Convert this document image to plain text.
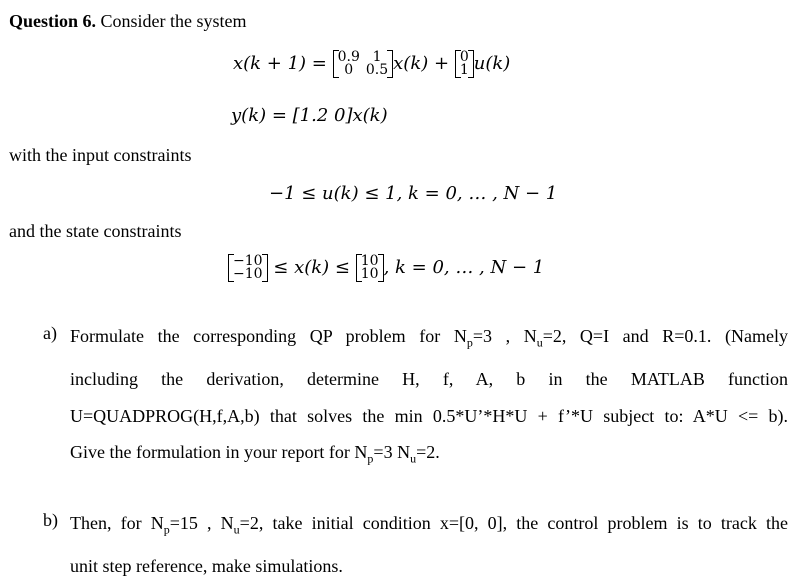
Question 6. Consider the system
x(k + 1) = 0.9	1
0	0.5 x(k) + 0
1 u(k)
y(k) = [1.2 0]x(k)
with the input constraints
−1 ≤ u(k) ≤ 1, k = 0, … , N − 1
and the state constraints
−10
−10 ≤ x(k) ≤ 10
10 , k = 0, … , N − 1
a) Formulate the corresponding QP problem for $N_p=3$ , $N_u=2$, Q=I and R=0.1. (Namely
including the derivation, determine H, f, A, b in the MATLAB function
U=QUADPROG(H,f,A,b) that solves the min 0.5*U’*H*U + f’*U subject to: A*U <= b).
Give the formulation in your report for $N_p=3$ $N_u=2$.
b) Then, for $N_p=15$ , $N_u=2$, take initial condition x=[0, 0], the control problem is to track the
unit step reference, make simulations.
